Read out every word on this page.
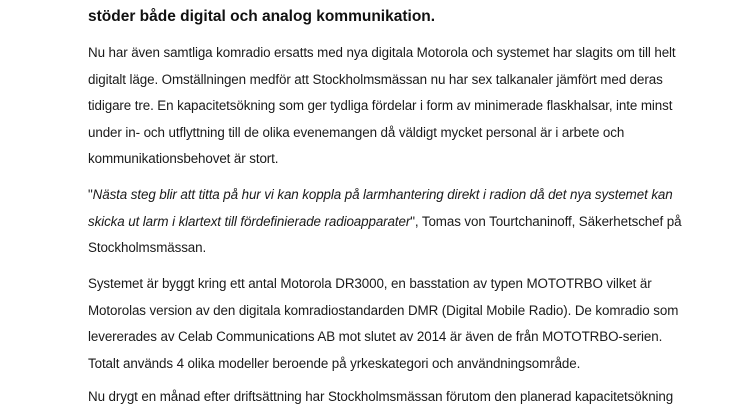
stöder både digital och analog kommunikation.

Nu har även samtliga komradio ersatts med nya digitala Motorola och systemet har slagits om till helt
digitalt läge. Omställningen medför att Stockholmsmässan nu har sex talkanaler jämfört med deras
tidigare tre. En kapacitetsökning som ger tydliga fördelar i form av minimerade flaskhalsar, inte minst
under in- och utflyttning till de olika evenemangen då väldigt mycket personal är i arbete och
kommunikationsbehovet är stort.

"Nästa steg blir att titta på hur vi kan koppla på larmhantering direkt i radion då det nya systemet kan
skicka ut larm i klartext till fördefinierade radioapparater", Tomas von Tourtchaninoff, Säkerhetschef på
Stockholmsmässan.

Systemet är byggt kring ett antal Motorola DR3000, en basstation av typen MOTOTRBO vilket är
Motorolas version av den digitala komradiostandarden DMR (Digital Mobile Radio). De komradio som
levererades av Celab Communications AB mot slutet av 2014 är även de från MOTOTRBO-serien.
Totalt används 4 olika modeller beroende på yrkeskategori och användningsområde.

Nu drygt en månad efter driftsättning har Stockholmsmässan förutom den planerad kapacitetsökning
